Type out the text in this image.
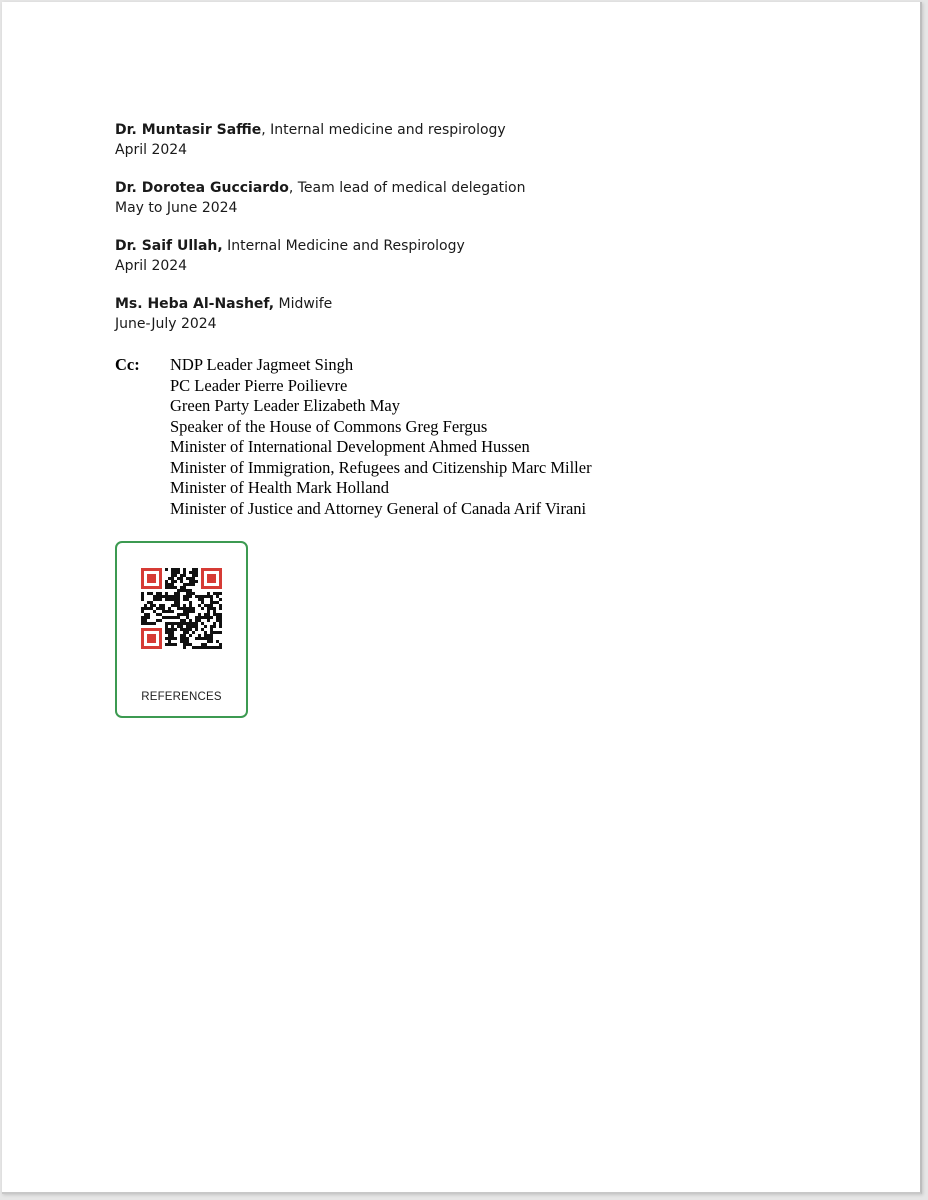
Dr. Muntasir Saffie, Internal medicine and respirology
April 2024

Dr. Dorotea Gucciardo, Team lead of medical delegation
May to June 2024

Dr. Saif Ullah, Internal Medicine and Respirology
April 2024

Ms. Heba Al-Nashef, Midwife
June-July 2024

Cc: NDP Leader Jagmeet Singh
PC Leader Pierre Poilievre
Green Party Leader Elizabeth May
Speaker of the House of Commons Greg Fergus
Minister of International Development Ahmed Hussen
Minister of Immigration, Refugees and Citizenship Marc Miller
Minister of Health Mark Holland
Minister of Justice and Attorney General of Canada Arif Virani
REFERENCES
